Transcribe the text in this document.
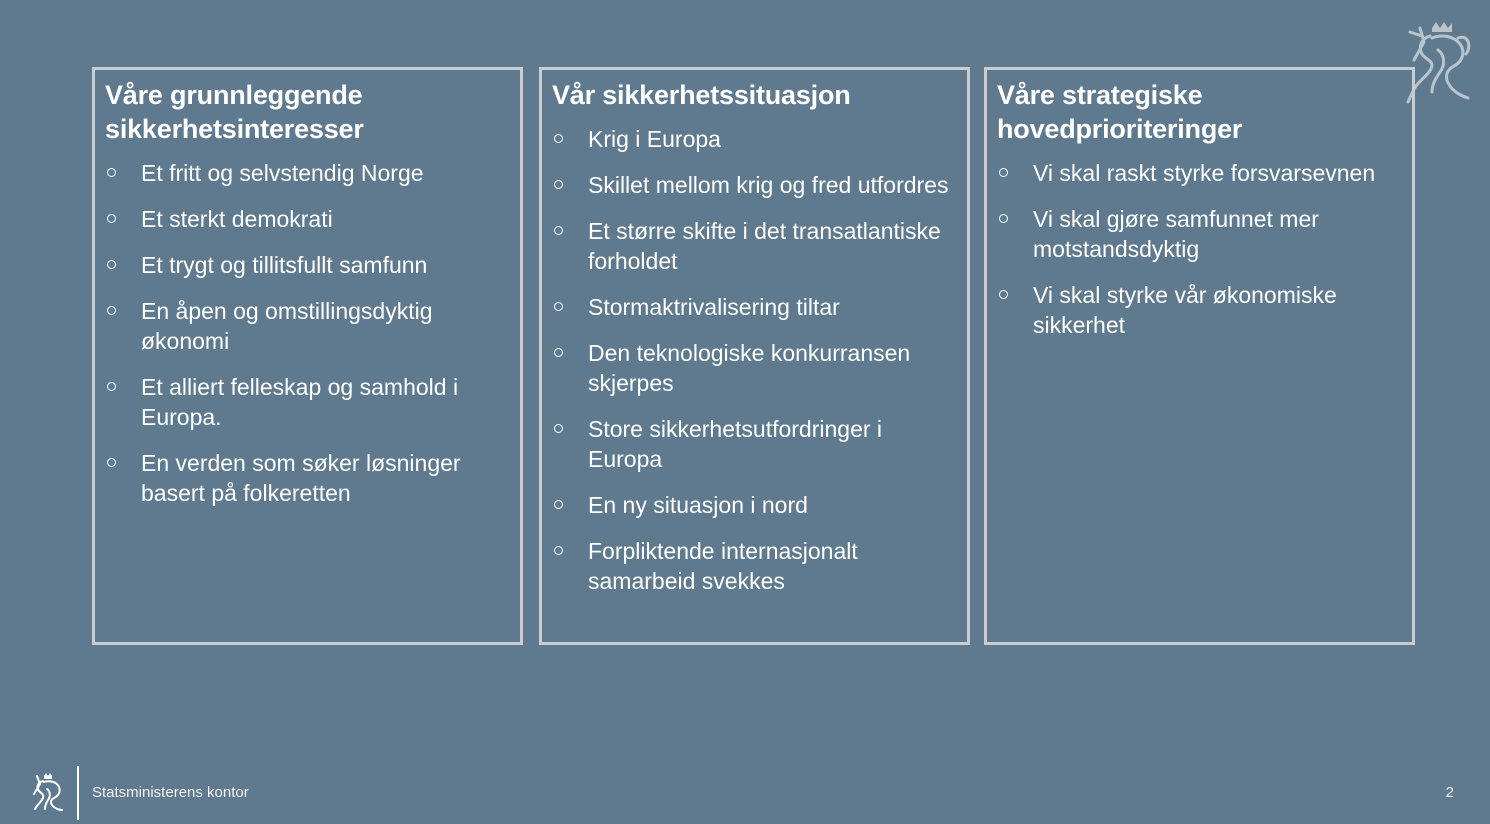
Våre grunnleggende sikkerhetsinteresser
Et fritt og selvstendig Norge
Et sterkt demokrati
Et trygt og tillitsfullt samfunn
En åpen og omstillingsdyktig økonomi
Et alliert felleskap og samhold i Europa.
En verden som søker løsninger basert på folkeretten
Vår sikkerhetssituasjon
Krig i Europa
Skillet mellom krig og fred utfordres
Et større skifte i det transatlantiske forholdet
Stormaktrivalisering tiltar
Den teknologiske konkurransen skjerpes
Store sikkerhetsutfordringer i Europa
En ny situasjon i nord
Forpliktende internasjonalt samarbeid svekkes
Våre strategiske hovedprioriteringer
Vi skal raskt styrke forsvarsevnen
Vi skal gjøre samfunnet mer motstandsdyktig
Vi skal styrke vår økonomiske sikkerhet
Statsministerens kontor	2
